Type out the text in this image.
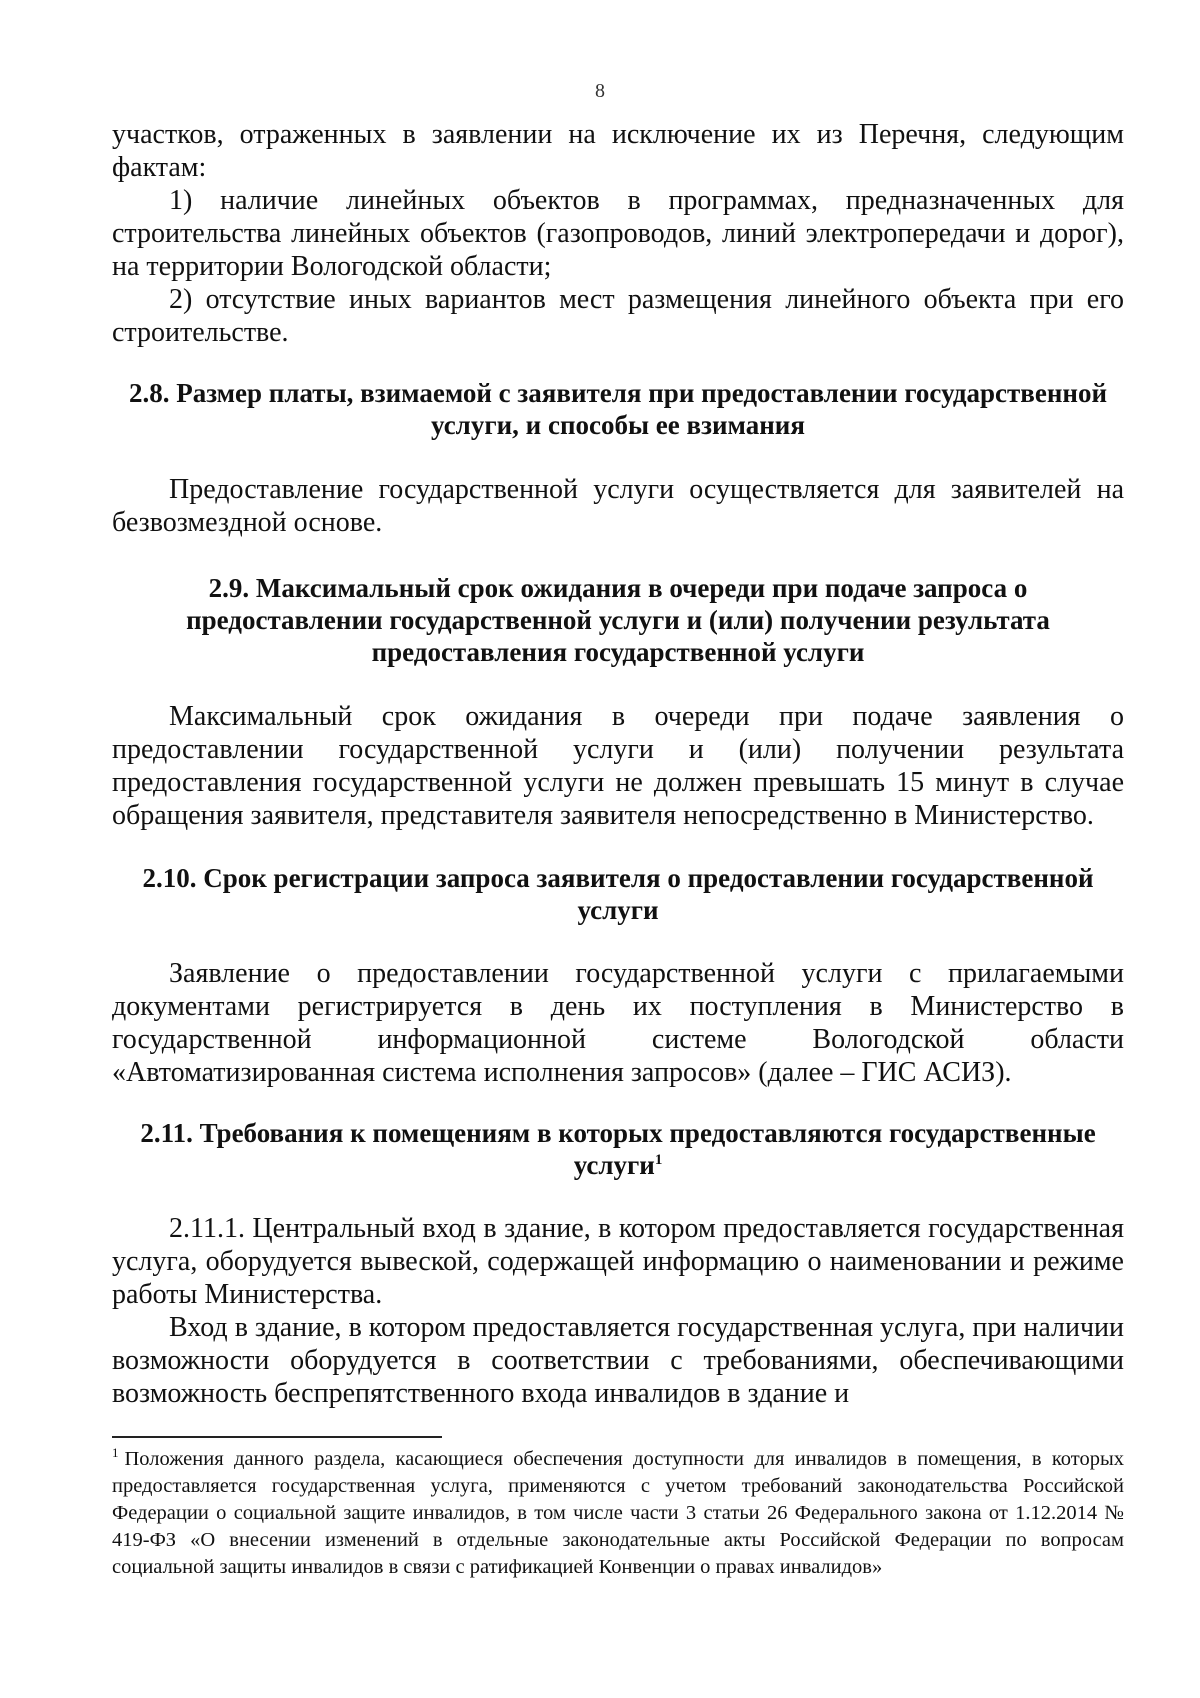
8

участков, отраженных в заявлении на исключение их из Перечня, следующим фактам:

1) наличие линейных объектов в программах, предназначенных для строительства линейных объектов (газопроводов, линий электропередачи и дорог), на территории Вологодской области;

2) отсутствие иных вариантов мест размещения линейного объекта при его строительстве.

2.8. Размер платы, взимаемой с заявителя при предоставлении государственной услуги, и способы ее взимания

Предоставление государственной услуги осуществляется для заявителей на безвозмездной основе.

2.9. Максимальный срок ожидания в очереди при подаче запроса о предоставлении государственной услуги и (или) получении результата предоставления государственной услуги

Максимальный срок ожидания в очереди при подаче заявления о предоставлении государственной услуги и (или) получении результата предоставления государственной услуги не должен превышать 15 минут в случае обращения заявителя, представителя заявителя непосредственно в Министерство.

2.10. Срок регистрации запроса заявителя о предоставлении государственной услуги

Заявление о предоставлении государственной услуги с прилагаемыми документами регистрируется в день их поступления в Министерство в государственной информационной системе Вологодской области «Автоматизированная система исполнения запросов» (далее – ГИС АСИЗ).

2.11. Требования к помещениям в которых предоставляются государственные услуги$^1$

2.11.1. Центральный вход в здание, в котором предоставляется государственная услуга, оборудуется вывеской, содержащей информацию о наименовании и режиме работы Министерства.

Вход в здание, в котором предоставляется государственная услуга, при наличии возможности оборудуется в соответствии с требованиями, обеспечивающими возможность беспрепятственного входа инвалидов в здание и

$^1$ Положения данного раздела, касающиеся обеспечения доступности для инвалидов в помещения, в которых предоставляется государственная услуга, применяются с учетом требований законодательства Российской Федерации о социальной защите инвалидов, в том числе части 3 статьи 26 Федерального закона от 1.12.2014 № 419-ФЗ «О внесении изменений в отдельные законодательные акты Российской Федерации по вопросам социальной защиты инвалидов в связи с ратификацией Конвенции о правах инвалидов»
